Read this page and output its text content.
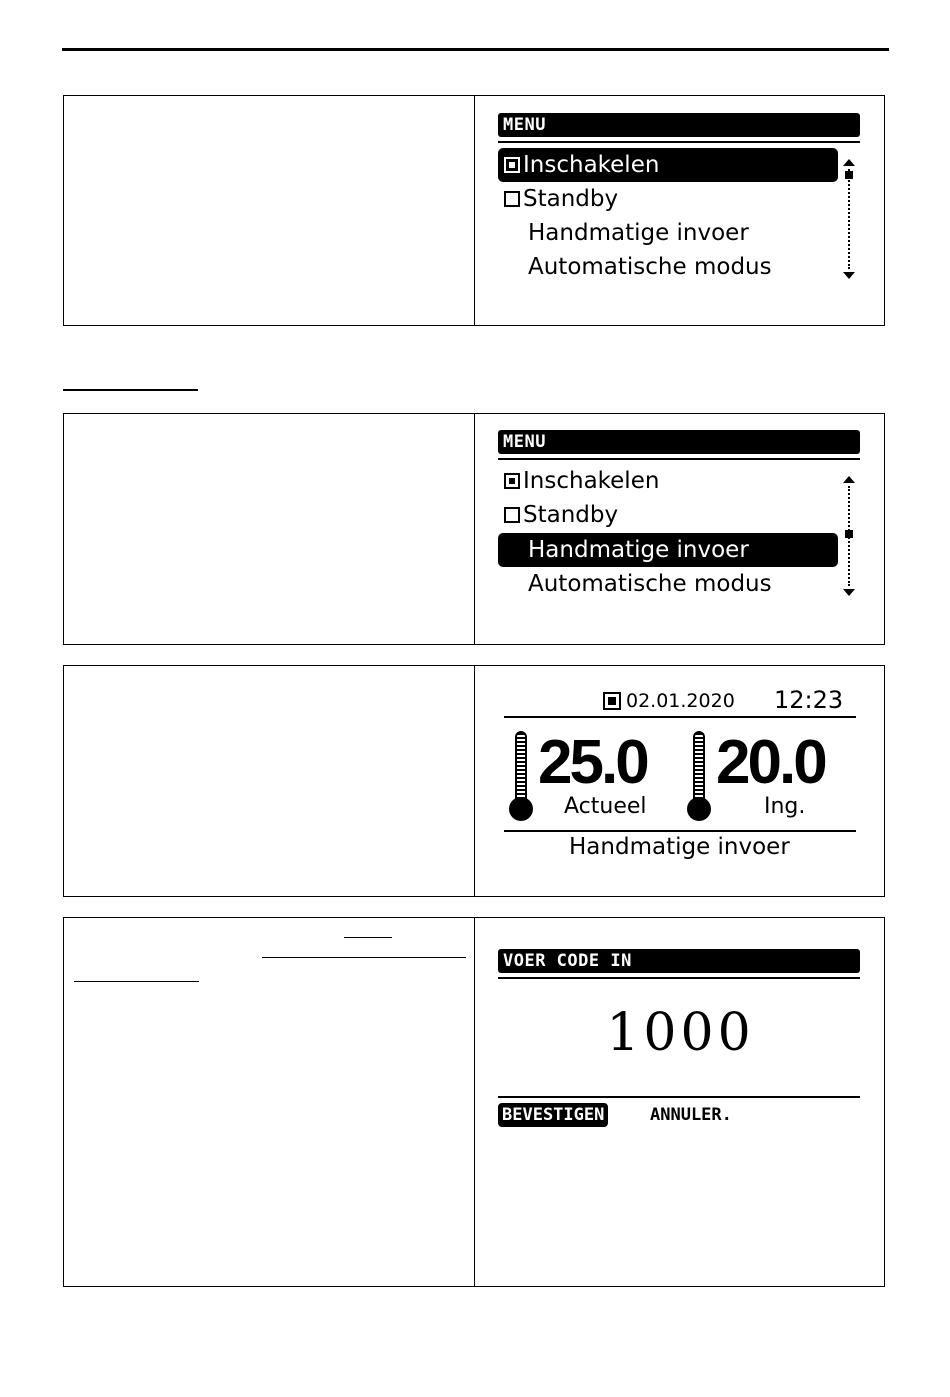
MENU
Inschakelen
Standby
Handmatige invoer
Automatische modus
MENU
Inschakelen
Standby
Handmatige invoer
Automatische modus
02.01.2020 12:23
25.0
Actueel
20.0
Ing.
Handmatige invoer
VOER CODE IN
1000
BEVESTIGEN	ANNULER.
